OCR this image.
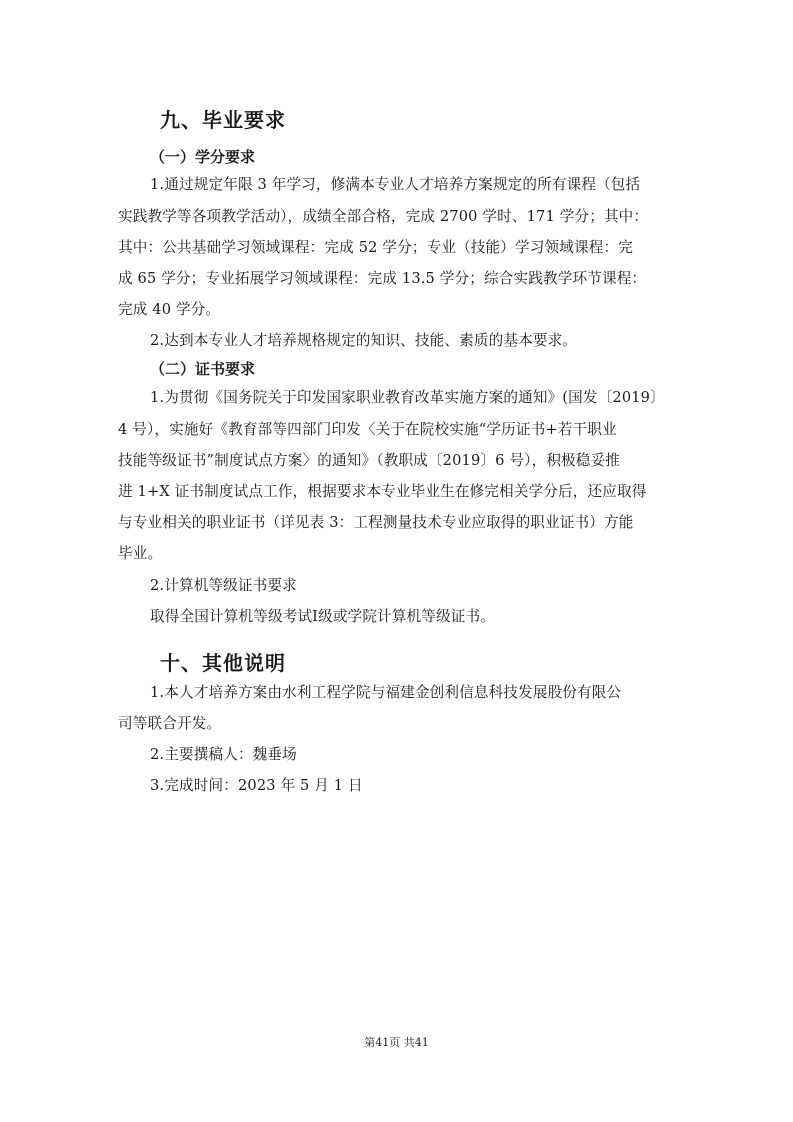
九、毕业要求
（一）学分要求
1.通过规定年限 3 年学习，修满本专业人才培养方案规定的所有课程（包括
实践教学等各项教学活动），成绩全部合格，完成 2700 学时、171 学分；其中：
其中：公共基础学习领域课程：完成 52 学分；专业（技能）学习领域课程：完
成 65 学分；专业拓展学习领域课程：完成 13.5 学分；综合实践教学环节课程：
完成 40 学分。
2.达到本专业人才培养规格规定的知识、技能、素质的基本要求。
（二）证书要求
1.为贯彻《国务院关于印发国家职业教育改革实施方案的通知》(国发〔2019〕
4 号），实施好《教育部等四部门印发〈关于在院校实施“学历证书+若干职业
技能等级证书”制度试点方案〉的通知》（教职成〔2019〕6 号），积极稳妥推
进 1+X 证书制度试点工作，根据要求本专业毕业生在修完相关学分后，还应取得
与专业相关的职业证书（详见表 3：工程测量技术专业应取得的职业证书）方能
毕业。
2.计算机等级证书要求
取得全国计算机等级考试Ⅰ级或学院计算机等级证书。
十、其他说明
1.本人才培养方案由水利工程学院与福建金创利信息科技发展股份有限公
司等联合开发。
2.主要撰稿人：魏垂场
3.完成时间：2023 年 5 月 1 日
第41页 共41
